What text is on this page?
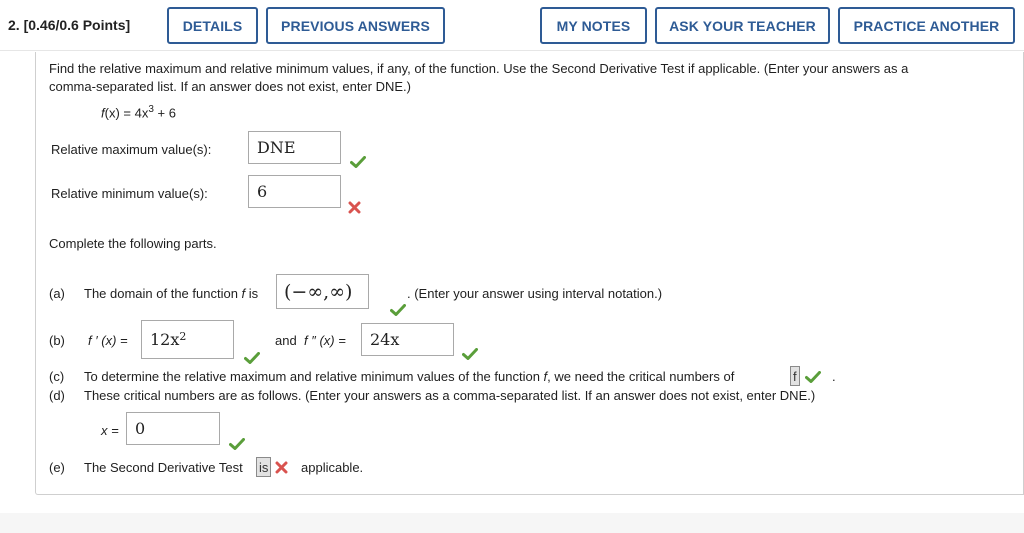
2. [0.46/0.6 Points]	DETAILS	PREVIOUS ANSWERS	MY NOTES	ASK YOUR TEACHER	PRACTICE ANOTHER
Find the relative maximum and relative minimum values, if any, of the function. Use the Second Derivative Test if applicable. (Enter your answers as a
comma-separated list. If an answer does not exist, enter DNE.)
$f(x) = 4x^3 + 6$
Relative maximum value(s):	DNE
Relative minimum value(s):	6
Complete the following parts.
(a) The domain of the function f is	(−∞,∞)	. (Enter your answer using interval notation.)
(b) f ′ $(x) = 12x^2$	and f ″ (x) =	24x
(c) To determine the relative maximum and relative minimum values of the function f, we need the critical numbers of	f	.
(d) These critical numbers are as follows. (Enter your answers as a comma-separated list. If an answer does not exist, enter DNE.)
x =	0
(e) The Second Derivative Test is	applicable.
